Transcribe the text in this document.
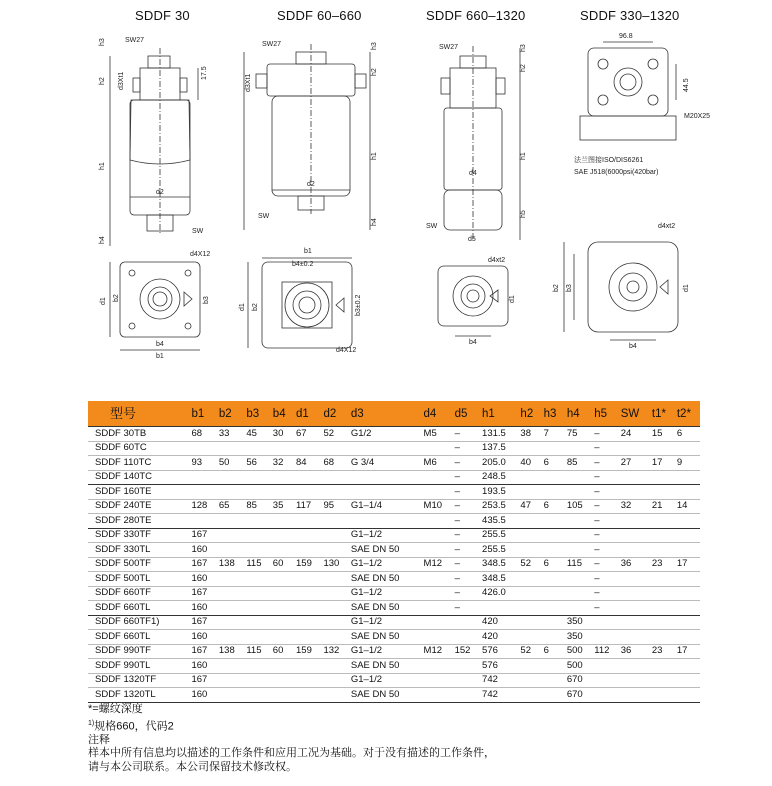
SDDF 30	SDDF 60–660	SDDF 660–1320	SDDF 330–1320
SW27
h3
h2
h1
h4
d3Xt1	17.5
d2
SW
d4X12
d1 b2	b3
b4
b1
SW27	h3
h2
h1
h4
d3Xt1
d2
SW
b1
b4±0.2
d1 b2	b3±0.2
d4X12
SW27	h3
h2
h1
h5
d4
SW
d5
d4xt2
b4
d1
96.8
44.5
M20X25
法兰图接ISO/DIS6261
SAE J518(6000psi(420bar)
d4xt2
b2 b3	d1
b4
型号	b1	b2	b3	b4	d1	d2	d3	d4	d5	h1	h2	h3	h4	h5	SW	t1*	t2*
SDDF 30TB	68	33	45	30	67	52	G1/2	M5	–	131.5	38	7	75	–	24	15	6
SDDF 60TC									–	137.5				–			
SDDF 110TC	93	50	56	32	84	68	G 3/4	M6	–	205.0	40	6	85	–	27	17	9
SDDF 140TC									–	248.5				–			
SDDF 160TE									–	193.5				–			
SDDF 240TE	128	65	85	35	117	95	G1–1/4	M10	–	253.5	47	6	105	–	32	21	14
SDDF 280TE									–	435.5				–			
SDDF 330TF	167						G1–1/2		–	255.5				–			
SDDF 330TL	160						SAE DN 50		–	255.5				–			
SDDF 500TF	167	138	115	60	159	130	G1–1/2	M12	–	348.5	52	6	115	–	36	23	17
SDDF 500TL	160						SAE DN 50		–	348.5				–			
SDDF 660TF	167						G1–1/2		–	426.0				–			
SDDF 660TL	160						SAE DN 50		–					–			
SDDF 660TF1)	167						G1–1/2			420			350				
SDDF 660TL	160						SAE DN 50			420			350				
SDDF 990TF	167	138	115	60	159	132	G1–1/2	M12	152	576	52	6	500	112	36	23	17
SDDF 990TL	160						SAE DN 50			576			500				
SDDF 1320TF	167						G1–1/2			742			670				
SDDF 1320TL	160						SAE DN 50			742			670				
*=螺纹深度
$^{1)}$规格660，代码2
注释
样本中所有信息均以描述的工作条件和应用工况为基础。对于没有描述的工作条件，
请与本公司联系。本公司保留技术修改权。
